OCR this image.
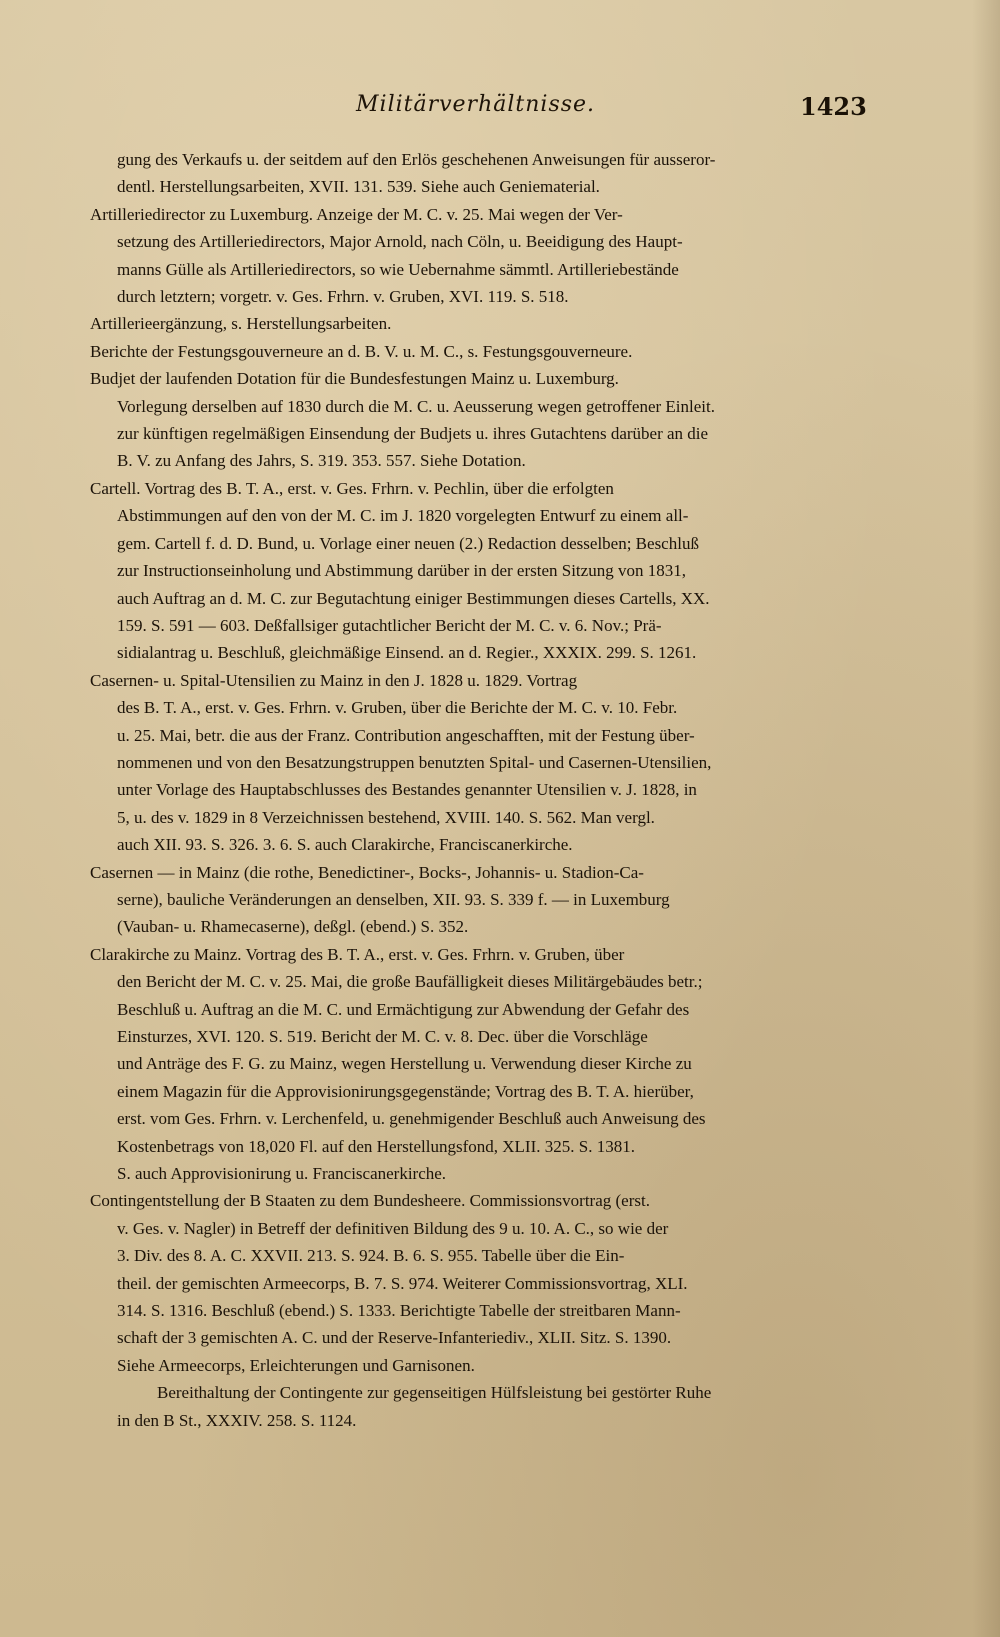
Militärverhältnisse.	1423
gung des Verkaufs u. der seitdem auf den Erlös geschehenen Anweisungen für ausseror-
dentl. Herstellungsarbeiten, XVII. 131. 539. Siehe auch Geniematerial.
Artilleriedirector zu Luxemburg. Anzeige der M. C. v. 25. Mai wegen der Ver-
setzung des Artilleriedirectors, Major Arnold, nach Cöln, u. Beeidigung des Haupt-
manns Gülle als Artilleriedirectors, so wie Uebernahme sämmtl. Artilleriebestände
durch letztern; vorgetr. v. Ges. Frhrn. v. Gruben, XVI. 119. S. 518.
Artillerieergänzung, s. Herstellungsarbeiten.
Berichte der Festungsgouverneure an d. B. V. u. M. C., s. Festungsgouverneure.
Budjet der laufenden Dotation für die Bundesfestungen Mainz u. Luxemburg.
Vorlegung derselben auf 1830 durch die M. C. u. Aeusserung wegen getroffener Einleit.
zur künftigen regelmäßigen Einsendung der Budjets u. ihres Gutachtens darüber an die
B. V. zu Anfang des Jahrs, S. 319. 353. 557. Siehe Dotation.
Cartell. Vortrag des B. T. A., erst. v. Ges. Frhrn. v. Pechlin, über die erfolgten
Abstimmungen auf den von der M. C. im J. 1820 vorgelegten Entwurf zu einem all-
gem. Cartell f. d. D. Bund, u. Vorlage einer neuen (2.) Redaction desselben; Beschluß
zur Instructionseinholung und Abstimmung darüber in der ersten Sitzung von 1831,
auch Auftrag an d. M. C. zur Begutachtung einiger Bestimmungen dieses Cartells, XX.
159. S. 591 — 603. Deßfallsiger gutachtlicher Bericht der M. C. v. 6. Nov.; Prä-
sidialantrag u. Beschluß, gleichmäßige Einsend. an d. Regier., XXXIX. 299. S. 1261.
Casernen- u. Spital-Utensilien zu Mainz in den J. 1828 u. 1829. Vortrag
des B. T. A., erst. v. Ges. Frhrn. v. Gruben, über die Berichte der M. C. v. 10. Febr.
u. 25. Mai, betr. die aus der Franz. Contribution angeschafften, mit der Festung über-
nommenen und von den Besatzungstruppen benutzten Spital- und Casernen-Utensilien,
unter Vorlage des Hauptabschlusses des Bestandes genannter Utensilien v. J. 1828, in
5, u. des v. 1829 in 8 Verzeichnissen bestehend, XVIII. 140. S. 562. Man vergl.
auch XII. 93. S. 326. 3. 6. S. auch Clarakirche, Franciscanerkirche.
Casernen — in Mainz (die rothe, Benedictiner-, Bocks-, Johannis- u. Stadion-Ca-
serne), bauliche Veränderungen an denselben, XII. 93. S. 339 f. — in Luxemburg
(Vauban- u. Rhamecaserne), deßgl. (ebend.) S. 352.
Clarakirche zu Mainz. Vortrag des B. T. A., erst. v. Ges. Frhrn. v. Gruben, über
den Bericht der M. C. v. 25. Mai, die große Baufälligkeit dieses Militärgebäudes betr.;
Beschluß u. Auftrag an die M. C. und Ermächtigung zur Abwendung der Gefahr des
Einsturzes, XVI. 120. S. 519. Bericht der M. C. v. 8. Dec. über die Vorschläge
und Anträge des F. G. zu Mainz, wegen Herstellung u. Verwendung dieser Kirche zu
einem Magazin für die Approvisionirungsgegenstände; Vortrag des B. T. A. hierüber,
erst. vom Ges. Frhrn. v. Lerchenfeld, u. genehmigender Beschluß auch Anweisung des
Kostenbetrags von 18,020 Fl. auf den Herstellungsfond, XLII. 325. S. 1381.
S. auch Approvisionirung u. Franciscanerkirche.
Contingentstellung der B Staaten zu dem Bundesheere. Commissionsvortrag (erst.
v. Ges. v. Nagler) in Betreff der definitiven Bildung des 9 u. 10. A. C., so wie der
3. Div. des 8. A. C. XXVII. 213. S. 924. B. 6. S. 955. Tabelle über die Ein-
theil. der gemischten Armeecorps, B. 7. S. 974. Weiterer Commissionsvortrag, XLI.
314. S. 1316. Beschluß (ebend.) S. 1333. Berichtigte Tabelle der streitbaren Mann-
schaft der 3 gemischten A. C. und der Reserve-Infanteriediv., XLII. Sitz. S. 1390.
Siehe Armeecorps, Erleichterungen und Garnisonen.
Bereithaltung der Contingente zur gegenseitigen Hülfsleistung bei gestörter Ruhe
in den B St., XXXIV. 258. S. 1124.
